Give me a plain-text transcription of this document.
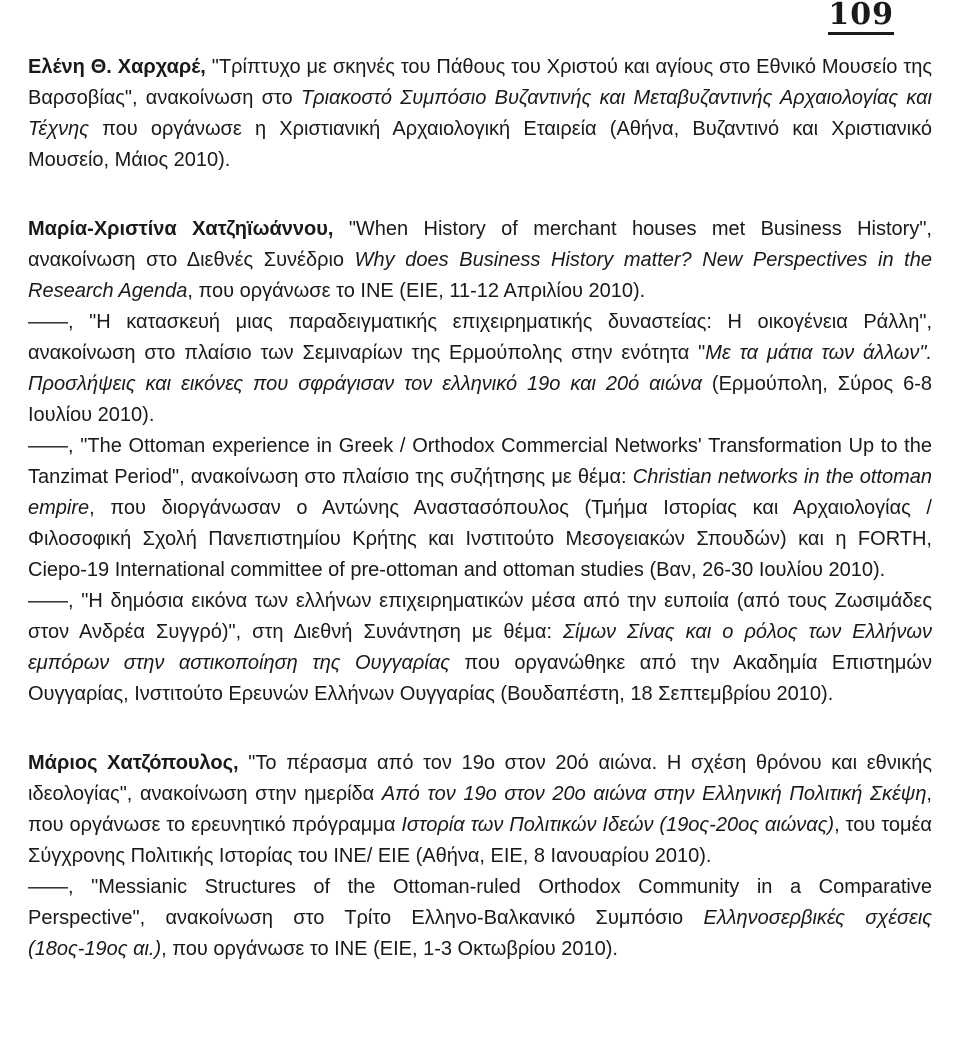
109

Ελένη Θ. Χαρχαρέ, "Τρίπτυχο με σκηνές του Πάθους του Χριστού και αγίους στο Εθνικό Μουσείο της Βαρσοβίας", ανακοίνωση στο Τριακοστό Συμπόσιο Βυζαντινής και Μεταβυζαντινής Αρχαιολογίας και Τέχνης που οργάνωσε η Χριστιανική Αρχαιολογική Εταιρεία (Αθήνα, Βυζαντινό και Χριστιανικό Μουσείο, Μάιος 2010).

Μαρία-Χριστίνα Χατζηϊωάννου, "When History of merchant houses met Business History", ανακοίνωση στο Διεθνές Συνέδριο Why does Business History matter? New Perspectives in the Research Agenda, που οργάνωσε το ΙΝΕ (ΕΙΕ, 11-12 Απριλίου 2010).

——, "Η κατασκευή μιας παραδειγματικής επιχειρηματικής δυναστείας: Η οικογένεια Ράλλη", ανακοίνωση στο πλαίσιο των Σεμιναρίων της Ερμούπολης στην ενότητα "Με τα μάτια των άλλων". Προσλήψεις και εικόνες που σφράγισαν τον ελληνικό 19ο και 20ό αιώνα (Ερμούπολη, Σύρος 6-8 Ιουλίου 2010).

——, "The Ottoman experience in Greek / Orthodox Commercial Networks' Transformation Up to the Tanzimat Period", ανακοίνωση στο πλαίσιο της συζήτησης με θέμα: Christian networks in the ottoman empire, που διοργάνωσαν ο Αντώνης Αναστασόπουλος (Τμήμα Ιστορίας και Αρχαιολογίας / Φιλοσοφική Σχολή Πανεπιστημίου Κρήτης και Ινστιτούτο Μεσογειακών Σπουδών) και η FORTH, Ciepo-19 International committee of pre-ottoman and ottoman studies (Βαν, 26-30 Ιουλίου 2010).

——, "Η δημόσια εικόνα των ελλήνων επιχειρηματικών μέσα από την ευποιία (από τους Ζωσιμάδες στον Ανδρέα Συγγρό)", στη Διεθνή Συνάντηση με θέμα: Σίμων Σίνας και ο ρόλος των Ελλήνων εμπόρων στην αστικοποίηση της Ουγγαρίας που οργανώθηκε από την Ακαδημία Επιστημών Ουγγαρίας, Ινστιτούτο Ερευνών Ελλήνων Ουγγαρίας (Βουδαπέστη, 18 Σεπτεμβρίου 2010).

Μάριος Χατζόπουλος, "Το πέρασμα από τον 19ο στον 20ό αιώνα. Η σχέση θρόνου και εθνικής ιδεολογίας", ανακοίνωση στην ημερίδα Από τον 19ο στον 20ο αιώνα στην Ελληνική Πολιτική Σκέψη, που οργάνωσε το ερευνητικό πρόγραμμα Ιστορία των Πολιτικών Ιδεών (19ος-20ος αιώνας), του τομέα Σύγχρονης Πολιτικής Ιστορίας του ΙΝΕ/ ΕΙΕ (Αθήνα, ΕΙΕ, 8 Ιανουαρίου 2010).

——, "Messianic Structures of the Ottoman-ruled Orthodox Community in a Comparative Perspective", ανακοίνωση στο Τρίτο Ελληνο-Βαλκανικό Συμπόσιο Ελληνοσερβικές σχέσεις (18ος-19ος αι.), που οργάνωσε το ΙΝΕ (ΕΙΕ, 1-3 Οκτωβρίου 2010).
